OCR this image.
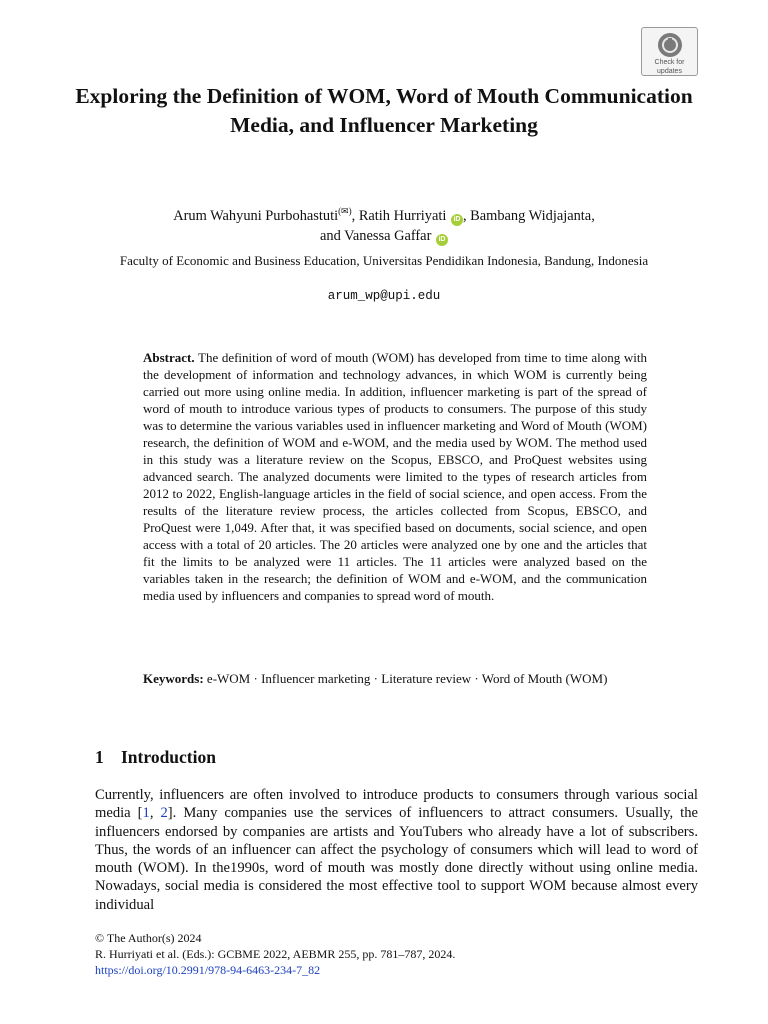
Check for
updates
Exploring the Definition of WOM, Word of Mouth Communication Media, and Influencer Marketing
Arum Wahyuni Purbohastuti(✉), Ratih Hurriyati iD , Bambang Widjajanta,
and Vanessa Gaffar iD
Faculty of Economic and Business Education, Universitas Pendidikan Indonesia, Bandung, Indonesia
arum_wp@upi.edu
Abstract. The definition of word of mouth (WOM) has developed from time to time along with the development of information and technology advances, in which WOM is currently being carried out more using online media. In addition, influencer marketing is part of the spread of word of mouth to introduce various types of products to consumers. The purpose of this study was to determine the various variables used in influencer marketing and Word of Mouth (WOM) research, the definition of WOM and e-WOM, and the media used by WOM. The method used in this study was a literature review on the Scopus, EBSCO, and ProQuest websites using advanced search. The analyzed documents were limited to the types of research articles from 2012 to 2022, English-language articles in the field of social science, and open access. From the results of the literature review process, the articles collected from Scopus, EBSCO, and ProQuest were 1,049. After that, it was specified based on documents, social science, and open access with a total of 20 articles. The 20 articles were analyzed one by one and the articles that fit the limits to be analyzed were 11 articles. The 11 articles were analyzed based on the variables taken in the research; the definition of WOM and e-WOM, and the communication media used by influencers and companies to spread word of mouth.
Keywords: e-WOM · Influencer marketing · Literature review · Word of Mouth (WOM)
1 Introduction
Currently, influencers are often involved to introduce products to consumers through various social media [1, 2]. Many companies use the services of influencers to attract consumers. Usually, the influencers endorsed by companies are artists and YouTubers who already have a lot of subscribers. Thus, the words of an influencer can affect the psychology of consumers which will lead to word of mouth (WOM). In the1990s, word of mouth was mostly done directly without using online media. Nowadays, social media is considered the most effective tool to support WOM because almost every individual
© The Author(s) 2024
R. Hurriyati et al. (Eds.): GCBME 2022, AEBMR 255, pp. 781–787, 2024.
https://doi.org/10.2991/978-94-6463-234-7_82
